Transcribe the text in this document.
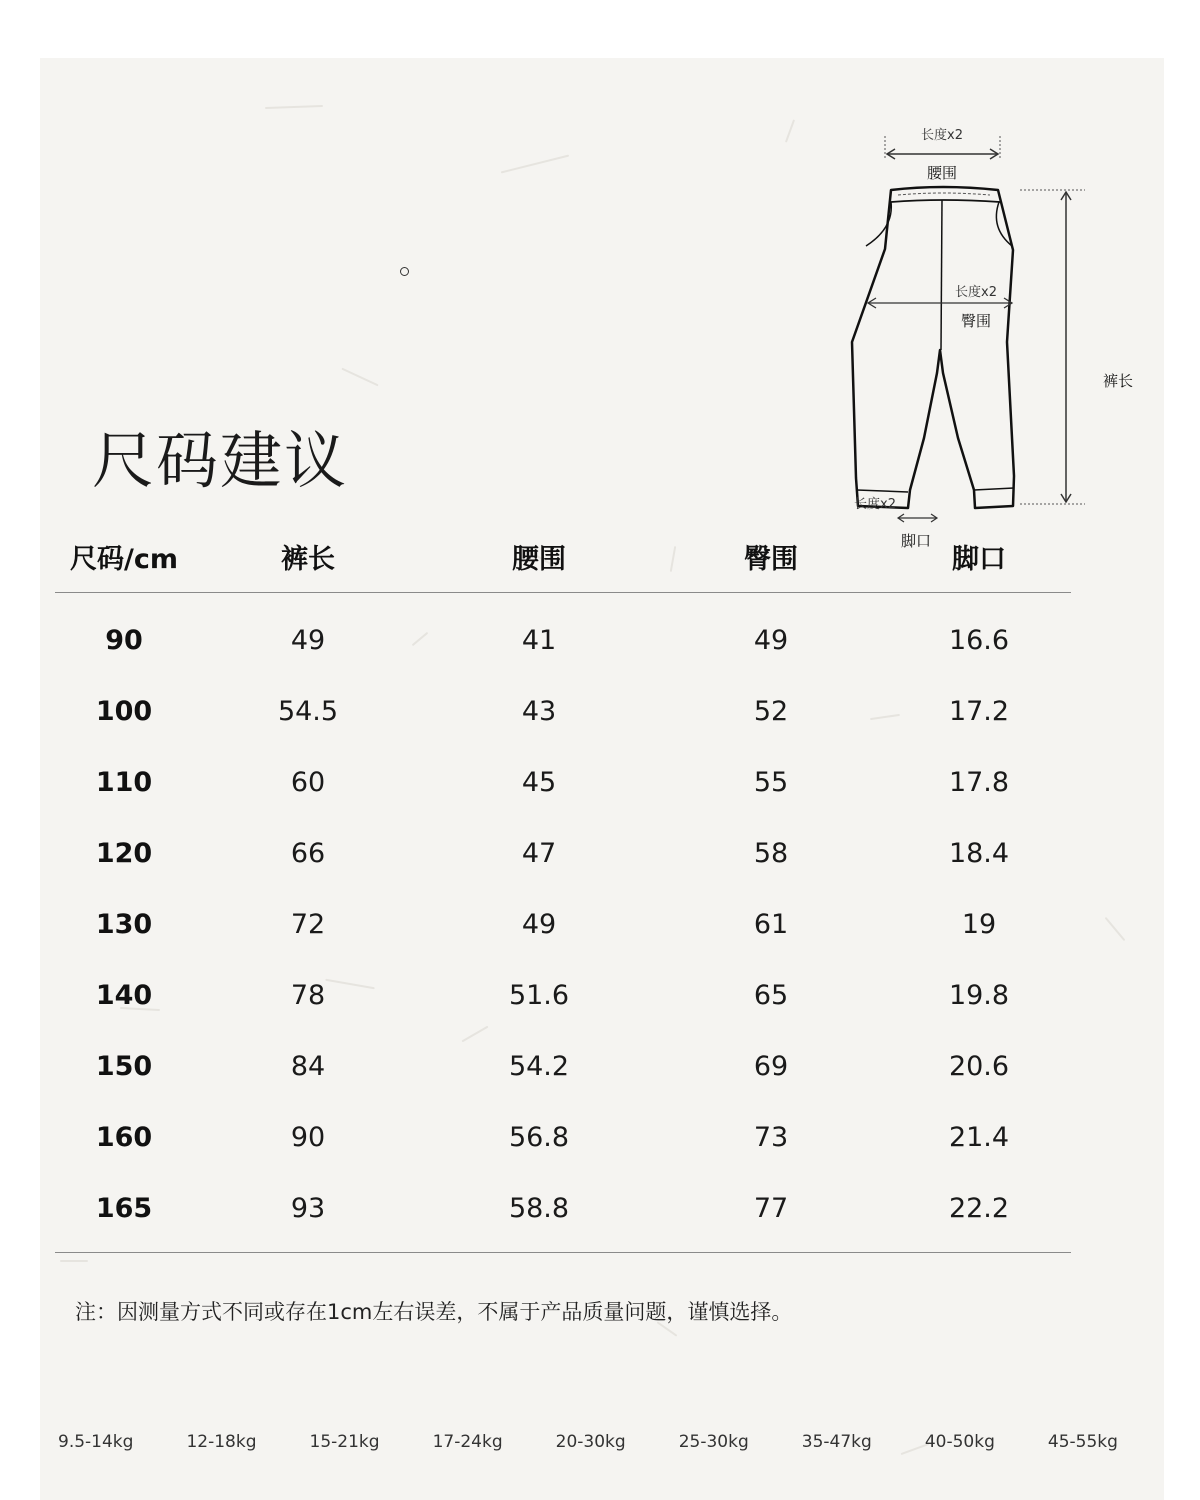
尺码建议
长度x2
腰围
长度x2
臀围
裤长
脚口
长度x2
尺码/cm	裤长	腰围	臀围	脚口
90	49	41	49	16.6
100	54.5	43	52	17.2
110	60	45	55	17.8
120	66	47	58	18.4
130	72	49	61	19
140	78	51.6	65	19.8
150	84	54.2	69	20.6
160	90	56.8	73	21.4
165	93	58.8	77	22.2
注：因测量方式不同或存在1cm左右误差，不属于产品质量问题，谨慎选择。
9.5-14kg	12-18kg	15-21kg	17-24kg	20-30kg	25-30kg	35-47kg	40-50kg	45-55kg
